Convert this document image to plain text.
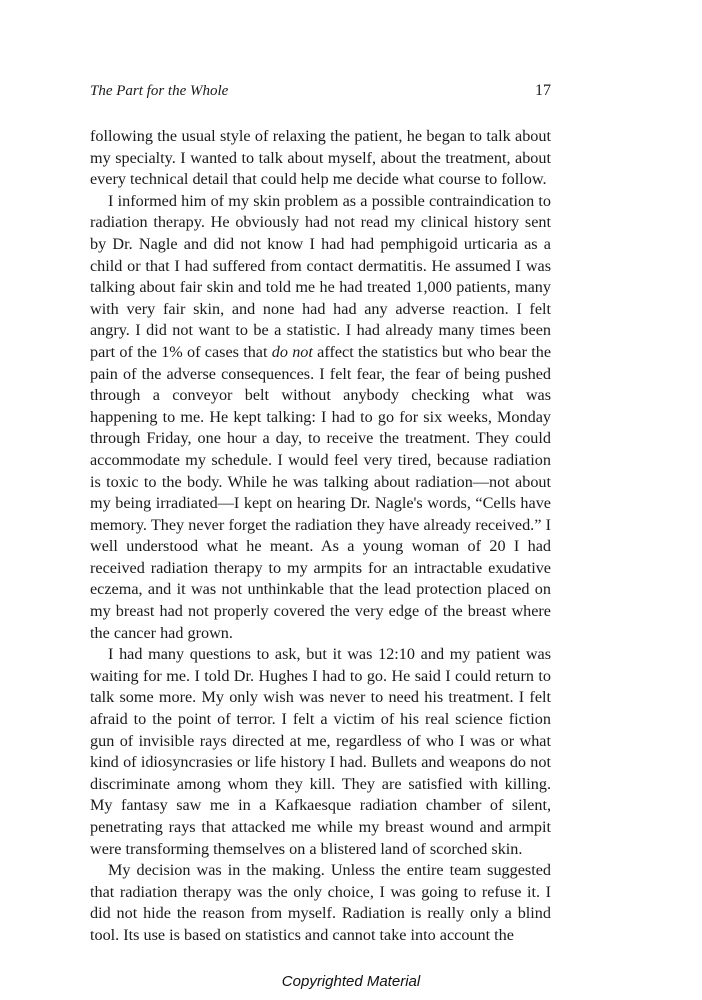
The Part for the Whole	17

following the usual style of relaxing the patient, he began to talk about my specialty. I wanted to talk about myself, about the treatment, about every technical detail that could help me decide what course to follow.

I informed him of my skin problem as a possible contraindication to radiation therapy. He obviously had not read my clinical history sent by Dr. Nagle and did not know I had had pemphigoid urticaria as a child or that I had suffered from contact dermatitis. He assumed I was talking about fair skin and told me he had treated 1,000 patients, many with very fair skin, and none had had any adverse reaction. I felt angry. I did not want to be a statistic. I had already many times been part of the 1% of cases that do not affect the statistics but who bear the pain of the adverse consequences. I felt fear, the fear of being pushed through a conveyor belt without anybody checking what was happening to me. He kept talking: I had to go for six weeks, Monday through Friday, one hour a day, to receive the treatment. They could accommodate my schedule. I would feel very tired, because radiation is toxic to the body. While he was talking about radiation—not about my being irradiated—I kept on hearing Dr. Nagle's words, “Cells have memory. They never forget the radiation they have already received.” I well understood what he meant. As a young woman of 20 I had received radiation therapy to my armpits for an intractable exudative eczema, and it was not unthinkable that the lead protection placed on my breast had not properly covered the very edge of the breast where the cancer had grown.

I had many questions to ask, but it was 12:10 and my patient was waiting for me. I told Dr. Hughes I had to go. He said I could return to talk some more. My only wish was never to need his treatment. I felt afraid to the point of terror. I felt a victim of his real science fiction gun of invisible rays directed at me, regardless of who I was or what kind of idiosyncrasies or life history I had. Bullets and weapons do not discriminate among whom they kill. They are satisfied with killing. My fantasy saw me in a Kafkaesque radiation chamber of silent, penetrating rays that attacked me while my breast wound and armpit were transforming themselves on a blistered land of scorched skin.

My decision was in the making. Unless the entire team suggested that radiation therapy was the only choice, I was going to refuse it. I did not hide the reason from myself. Radiation is really only a blind tool. Its use is based on statistics and cannot take into account the

Copyrighted Material
